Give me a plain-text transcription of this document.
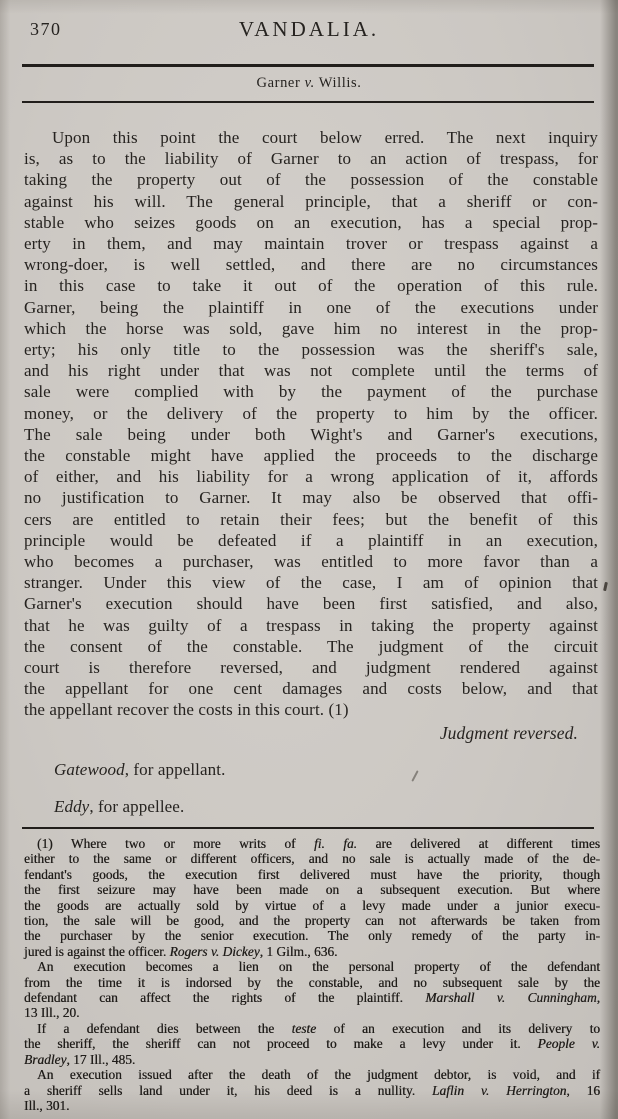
370	VANDALIA.
Garner v. Willis.
Upon this point the court below erred. The next inquiry
is, as to the liability of Garner to an action of trespass, for
taking the property out of the possession of the constable
against his will. The general principle, that a sheriff or con-
stable who seizes goods on an execution, has a special prop-
erty in them, and may maintain trover or trespass against a
wrong-doer, is well settled, and there are no circumstances
in this case to take it out of the operation of this rule.
Garner, being the plaintiff in one of the executions under
which the horse was sold, gave him no interest in the prop-
erty; his only title to the possession was the sheriff's sale,
and his right under that was not complete until the terms of
sale were complied with by the payment of the purchase
money, or the delivery of the property to him by the officer.
The sale being under both Wight's and Garner's executions,
the constable might have applied the proceeds to the discharge
of either, and his liability for a wrong application of it, affords
no justification to Garner. It may also be observed that offi-
cers are entitled to retain their fees; but the benefit of this
principle would be defeated if a plaintiff in an execution,
who becomes a purchaser, was entitled to more favor than a
stranger. Under this view of the case, I am of opinion that
Garner's execution should have been first satisfied, and also,
that he was guilty of a trespass in taking the property against
the consent of the constable. The judgment of the circuit
court is therefore reversed, and judgment rendered against
the appellant for one cent damages and costs below, and that
the appellant recover the costs in this court. (1)
Judgment reversed.
Gatewood, for appellant.
Eddy, for appellee.
(1) Where two or more writs of fi. fa. are delivered at different times
either to the same or different officers, and no sale is actually made of the de-
fendant's goods, the execution first delivered must have the priority, though
the first seizure may have been made on a subsequent execution. But where
the goods are actually sold by virtue of a levy made under a junior execu-
tion, the sale will be good, and the property can not afterwards be taken from
the purchaser by the senior execution. The only remedy of the party in-
jured is against the officer. Rogers v. Dickey, 1 Gilm., 636.
An execution becomes a lien on the personal property of the defendant
from the time it is indorsed by the constable, and no subsequent sale by the
defendant can affect the rights of the plaintiff. Marshall v. Cunningham,
13 Ill., 20.
If a defendant dies between the teste of an execution and its delivery to
the sheriff, the sheriff can not proceed to make a levy under it. People v.
Bradley, 17 Ill., 485.
An execution issued after the death of the judgment debtor, is void, and if
a sheriff sells land under it, his deed is a nullity. Laflin v. Herrington, 16
Ill., 301.
